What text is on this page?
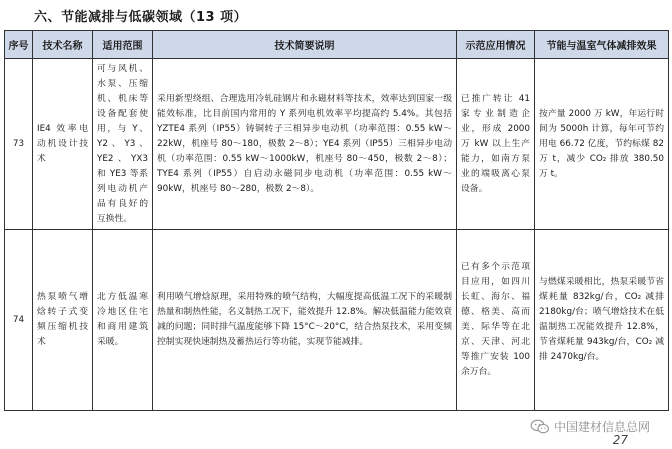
六、节能减排与低碳领域（13 项）
序号	技术名称	适用范围	技术简要说明	示范应用情况	节能与温室气体减排效果
73	IE4 效率电动机设计技术	可与风机、水泵、压缩机、机床等设备配套使用，与 Y、Y2、Y3、YE2、YX3和 YE3 等系列电动机产品有良好的互换性。	采用新型绕组、合理选用冷轧硅钢片和永磁材料等技术，效率达到国家一级能效标准，比目前国内常用的 Y 系列电机效率平均提高约 5.4%。其包括 YZTE4 系列（IP55）铸铜转子三相异步电动机（功率范围：0.55 kW～22kW，机座号 80～180，极数 2～8）；YE4 系列（IP55）三相异步电动机（功率范围：0.55 kW～1000kW，机座号 80～450，极数 2～8）；TYE4 系列（IP55）自启动永磁同步电动机（功率范围：0.55 kW～90kW，机座号 80～280，极数 2～8）。	已推广转让 41 家专业制造企业，形成 2000 万 kW 以上生产能力，如南方泵业的端吸离心泵设备。	按产量 2000 万 kW，年运行时间为 5000h 计算，每年可节约用电 66.72 亿度，节约标煤 82 万 t，减少 CO₂ 排放 380.50 万 t。
74	热泵喷气增焓转子式变频压缩机技术	北方低温寒冷地区住宅和商用建筑采暖。	利用喷气增焓原理，采用特殊的喷气结构，大幅度提高低温工况下的采暖制热量和制热性能，名义制热工况下，能效提升 12.8%。解决低温能力能效衰减的问题；同时排气温度能够下降 15°C～20°C，结合热泵技术，采用变频控制实现快速制热及蓄热运行等功能，实现节能减排。	已有多个示范项目应用，如四川长虹、海尔、福德、格美、高而美、际华等在北京、天津、河北等推广安装 100 余万台。	与燃煤采暖相比，热泵采暖节省煤耗量 832kg/台，CO₂ 减排 2180kg/台；喷气增焓技术在低温制热工况能效提升 12.8%，节省煤耗量 943kg/台，CO₂ 减排 2470kg/台。
中国建材信息总网
27
